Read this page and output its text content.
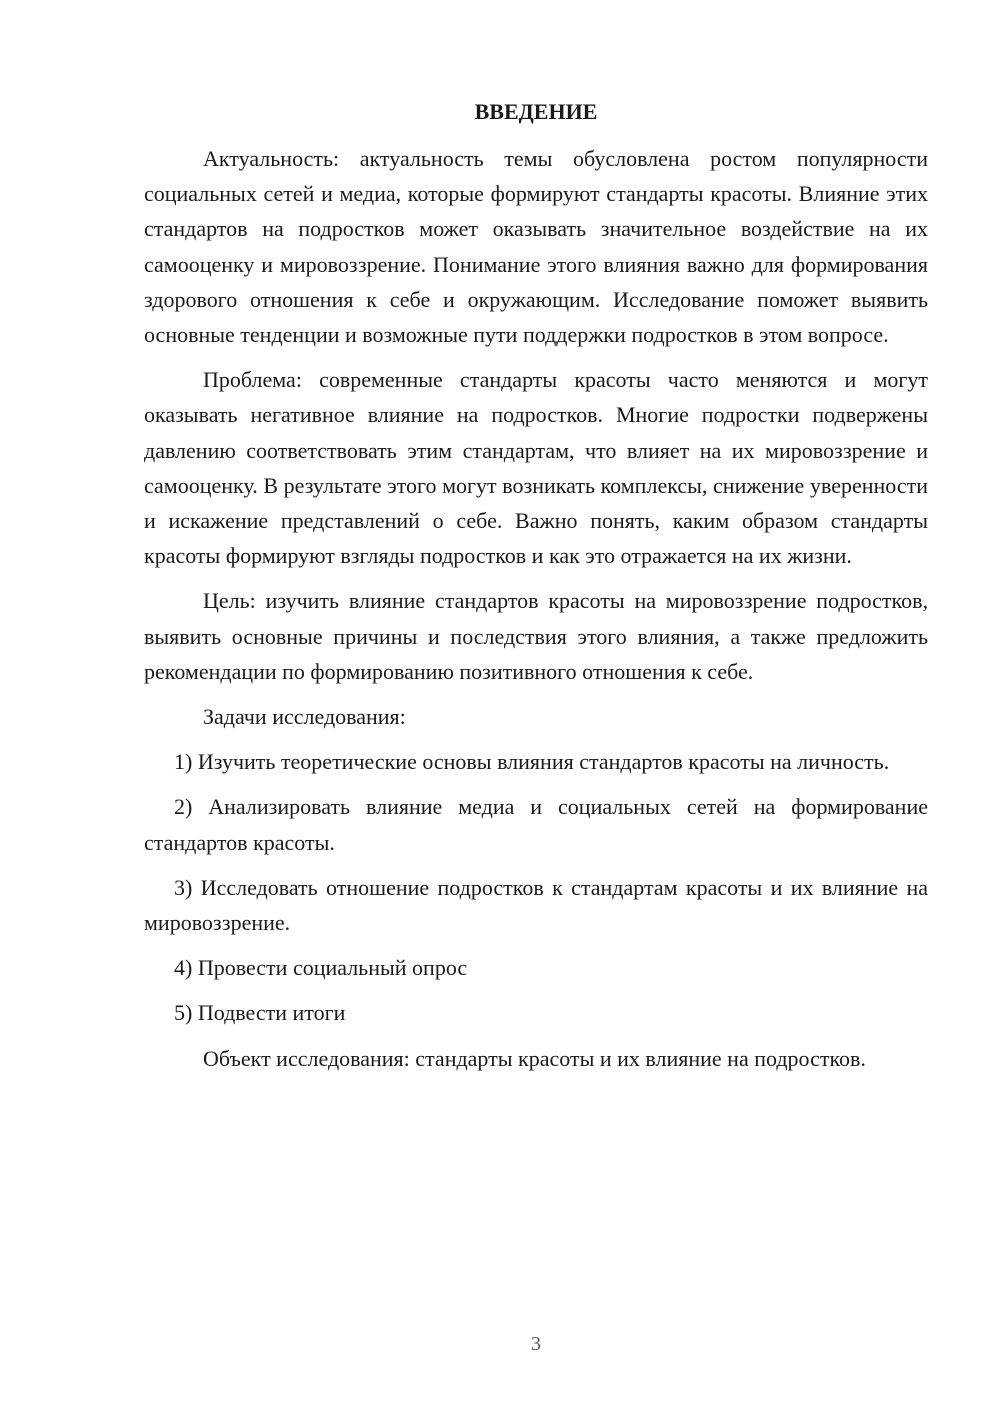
ВВЕДЕНИЕ

Актуальность: актуальность темы обусловлена ростом популярности социальных сетей и медиа, которые формируют стандарты красоты. Влияние этих стандартов на подростков может оказывать значительное воздействие на их самооценку и мировоззрение. Понимание этого влияния важно для формирования здорового отношения к себе и окружающим. Исследование поможет выявить основные тенденции и возможные пути поддержки подростков в этом вопросе.

Проблема: современные стандарты красоты часто меняются и могут оказывать негативное влияние на подростков. Многие подростки подвержены давлению соответствовать этим стандартам, что влияет на их мировоззрение и самооценку. В результате этого могут возникать комплексы, снижение уверенности и искажение представлений о себе. Важно понять, каким образом стандарты красоты формируют взгляды подростков и как это отражается на их жизни.

Цель: изучить влияние стандартов красоты на мировоззрение подростков, выявить основные причины и последствия этого влияния, а также предложить рекомендации по формированию позитивного отношения к себе.

Задачи исследования:

1) Изучить теоретические основы влияния стандартов красоты на личность.

2) Анализировать влияние медиа и социальных сетей на формирование стандартов красоты.

3) Исследовать отношение подростков к стандартам красоты и их влияние на мировоззрение.

4) Провести социальный опрос

5) Подвести итоги

Объект исследования: стандарты красоты и их влияние на подростков.

3
